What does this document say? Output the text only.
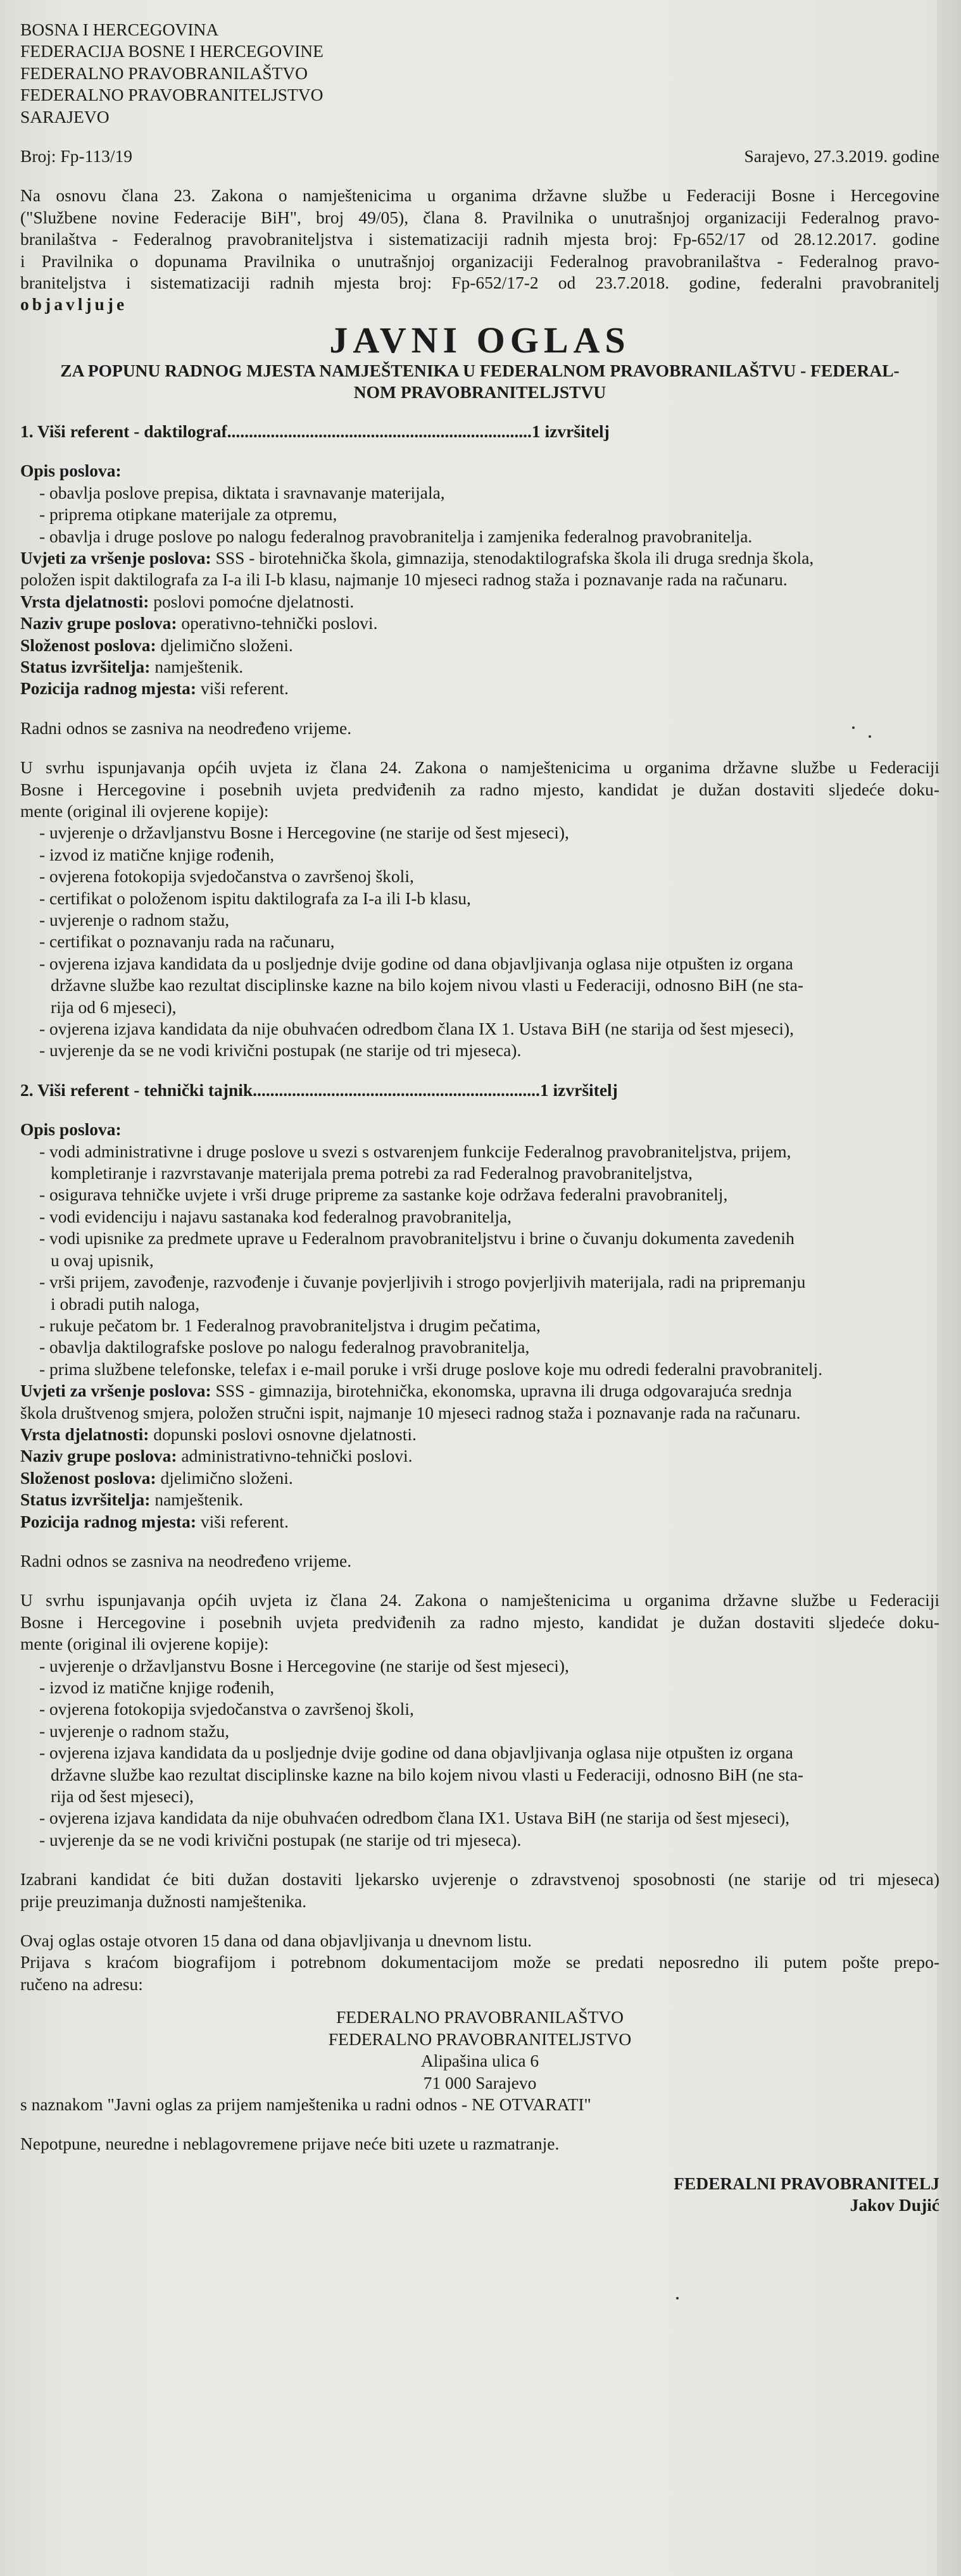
BOSNA I HERCEGOVINA
FEDERACIJA BOSNE I HERCEGOVINE
FEDERALNO PRAVOBRANILAŠTVO
FEDERALNO PRAVOBRANITELJSTVO
SARAJEVO
Broj: Fp-113/19	Sarajevo, 27.3.2019. godine
Na osnovu člana 23. Zakona o namještenicima u organima državne službe u Federaciji Bosne i Hercegovine
("Službene novine Federacije BiH", broj 49/05), člana 8. Pravilnika o unutrašnjoj organizaciji Federalnog pravo-
branilaštva - Federalnog pravobraniteljstva i sistematizaciji radnih mjesta broj: Fp-652/17 od 28.12.2017. godine
i Pravilnika o dopunama Pravilnika o unutrašnjoj organizaciji Federalnog pravobranilaštva - Federalnog pravo-
braniteljstva i sistematizaciji radnih mjesta broj: Fp-652/17-2 od 23.7.2018. godine, federalni pravobranitelj
objavljuje
JAVNI OGLAS
ZA POPUNU RADNOG MJESTA NAMJEŠTENIKA U FEDERALNOM PRAVOBRANILAŠTVU - FEDERAL-
NOM PRAVOBRANITELJSTVU
1. Viši referent - daktilograf......................................................................1 izvršitelj
Opis poslova:
- obavlja poslove prepisa, diktata i sravnavanje materijala,
- pripremа otipkane materijale za otpremu,
- obavlja i druge poslove po nalogu federalnog pravobranitelja i zamjenika federalnog pravobranitelja.
Uvjeti za vršenje poslova: SSS - birotehnička škola, gimnazija, stenodaktilografska škola ili druga srednja škola,
položen ispit daktilografa za I-a ili I-b klasu, najmanje 10 mjeseci radnog staža i poznavanje rada na računaru.
Vrsta djelatnosti: poslovi pomoćne djelatnosti.
Naziv grupe poslova: operativno-tehnički poslovi.
Složenost poslova: djelimično složeni.
Status izvršitelja: namještenik.
Pozicija radnog mjesta: viši referent.
Radni odnos se zasniva na neodređeno vrijeme.
U svrhu ispunjavanja općih uvjeta iz člana 24. Zakona o namještenicima u organima državne službe u Federaciji
Bosne i Hercegovine i posebnih uvjeta predviđenih za radno mjesto, kandidat je dužan dostaviti sljedeće doku-
mente (original ili ovjerene kopije):
- uvjerenje o državljanstvu Bosne i Hercegovine (ne starije od šest mjeseci),
- izvod iz matične knjige rođenih,
- ovjerena fotokopija svjedočanstva o završenoj školi,
- certifikat o položenom ispitu daktilografa za I-a ili I-b klasu,
- uvjerenje o radnom stažu,
- certifikat o poznavanju rada na računaru,
- ovjerena izjava kandidata da u posljednje dvije godine od dana objavljivanja oglasa nije otpušten iz organa
državne službe kao rezultat disciplinske kazne na bilo kojem nivou vlasti u Federaciji, odnosno BiH (ne sta-
rija od 6 mjeseci),
- ovjerena izjava kandidata da nije obuhvaćen odredbom člana IX 1. Ustava BiH (ne starija od šest mjeseci),
- uvjerenje da se ne vodi krivični postupak (ne starije od tri mjeseca).
2. Viši referent - tehnički tajnik..................................................................1 izvršitelj
Opis poslova:
- vodi administrativne i druge poslove u svezi s ostvarenjem funkcije Federalnog pravobraniteljstva, prijem,
kompletiranje i razvrstavanje materijala prema potrebi za rad Federalnog pravobraniteljstva,
- osigurava tehničke uvjete i vrši druge pripreme za sastanke koje održava federalni pravobranitelj,
- vodi evidenciju i najavu sastanaka kod federalnog pravobranitelja,
- vodi upisnike za predmete uprave u Federalnom pravobraniteljstvu i brine o čuvanju dokumenta zavedenih
u ovaj upisnik,
- vrši prijem, zavođenje, razvođenje i čuvanje povjerljivih i strogo povjerljivih materijala, radi na pripremanju
i obradi putih naloga,
- rukuje pečatom br. 1 Federalnog pravobraniteljstva i drugim pečatima,
- obavlja daktilografske poslove po nalogu federalnog pravobranitelja,
- prima službene telefonske, telefax i e-mail poruke i vrši druge poslove koje mu odredi federalni pravobranitelj.
Uvjeti za vršenje poslova: SSS - gimnazija, birotehnička, ekonomska, upravna ili druga odgovarajuća srednja
škola društvenog smjera, položen stručni ispit, najmanje 10 mjeseci radnog staža i poznavanje rada na računaru.
Vrsta djelatnosti: dopunski poslovi osnovne djelatnosti.
Naziv grupe poslova: administrativno-tehnički poslovi.
Složenost poslova: djelimično složeni.
Status izvršitelja: namještenik.
Pozicija radnog mjesta: viši referent.
Radni odnos se zasniva na neodređeno vrijeme.
U svrhu ispunjavanja općih uvjeta iz člana 24. Zakona o namještenicima u organima državne službe u Federaciji
Bosne i Hercegovine i posebnih uvjeta predviđenih za radno mjesto, kandidat je dužan dostaviti sljedeće doku-
mente (original ili ovjerene kopije):
- uvjerenje o državljanstvu Bosne i Hercegovine (ne starije od šest mjeseci),
- izvod iz matične knjige rođenih,
- ovjerena fotokopija svjedočanstva o završenoj školi,
- uvjerenje o radnom stažu,
- ovjerena izjava kandidata da u posljednje dvije godine od dana objavljivanja oglasa nije otpušten iz organa
državne službe kao rezultat disciplinske kazne na bilo kojem nivou vlasti u Federaciji, odnosno BiH (ne sta-
rija od šest mjeseci),
- ovjerena izjava kandidata da nije obuhvaćen odredbom člana IX1. Ustava BiH (ne starija od šest mjeseci),
- uvjerenje da se ne vodi krivični postupak (ne starije od tri mjeseca).
Izabrani kandidat će biti dužan dostaviti ljekarsko uvjerenje o zdravstvenoj sposobnosti (ne starije od tri mjeseca)
prije preuzimanja dužnosti namještenika.
Ovaj oglas ostaje otvoren 15 dana od dana objavljivanja u dnevnom listu.
Prijava s kraćom biografijom i potrebnom dokumentacijom može se predati neposredno ili putem pošte prepo-
ručeno na adresu:
FEDERALNO PRAVOBRANILAŠTVO
FEDERALNO PRAVOBRANITELJSTVO
Alipašina ulica 6
71 000 Sarajevo
s naznakom "Javni oglas za prijem namještenika u radni odnos - NE OTVARATI"
Nepotpune, neuredne i neblagovremene prijave neće biti uzete u razmatranje.
FEDERALNI PRAVOBRANITELJ
Jakov Dujić
